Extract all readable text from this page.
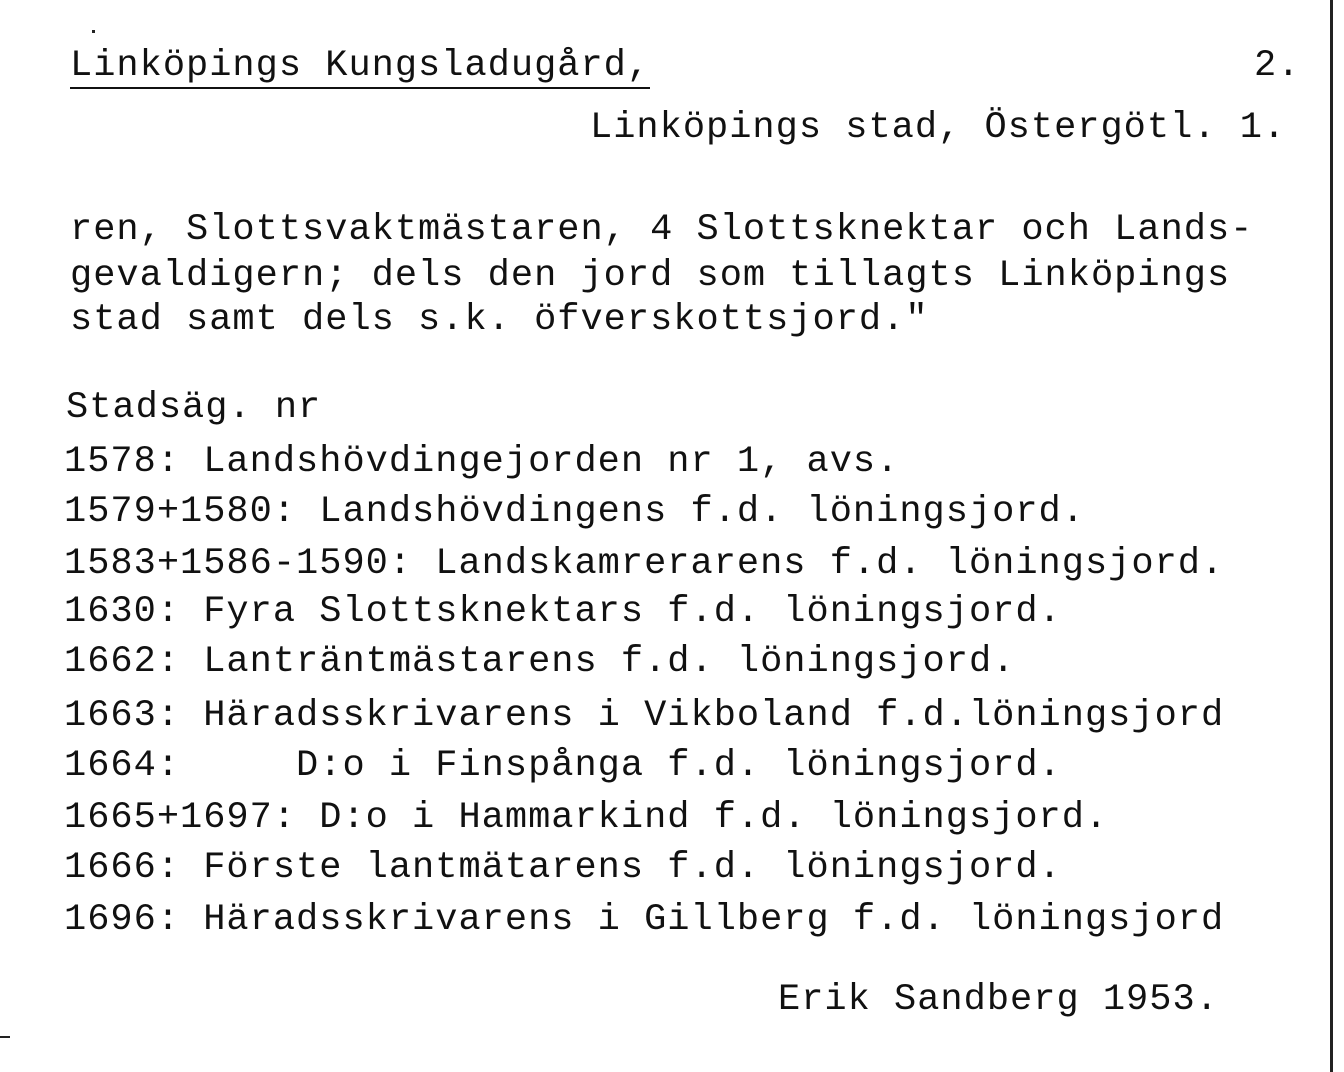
Linköpings Kungsladugård,	2.
Linköpings stad, Östergötl. 1.
ren, Slottsvaktmästaren, 4 Slottsknektar och Lands-
gevaldigern; dels den jord som tillagts Linköpings
stad samt dels s.k. öfverskottsjord."
Stadsäg. nr
1578: Landshövdingejorden nr 1, avs.
1579+1580: Landshövdingens f.d. löningsjord.
1583+1586-1590: Landskamrerarens f.d. löningsjord.
1630: Fyra Slottsknektars f.d. löningsjord.
1662: Lanträntmästarens f.d. löningsjord.
1663: Häradsskrivarens i Vikboland f.d.löningsjord
1664:     D:o i Finspånga f.d. löningsjord.
1665+1697: D:o i Hammarkind f.d. löningsjord.
1666: Förste lantmätarens f.d. löningsjord.
1696: Häradsskrivarens i Gillberg f.d. löningsjord
Erik Sandberg 1953.
